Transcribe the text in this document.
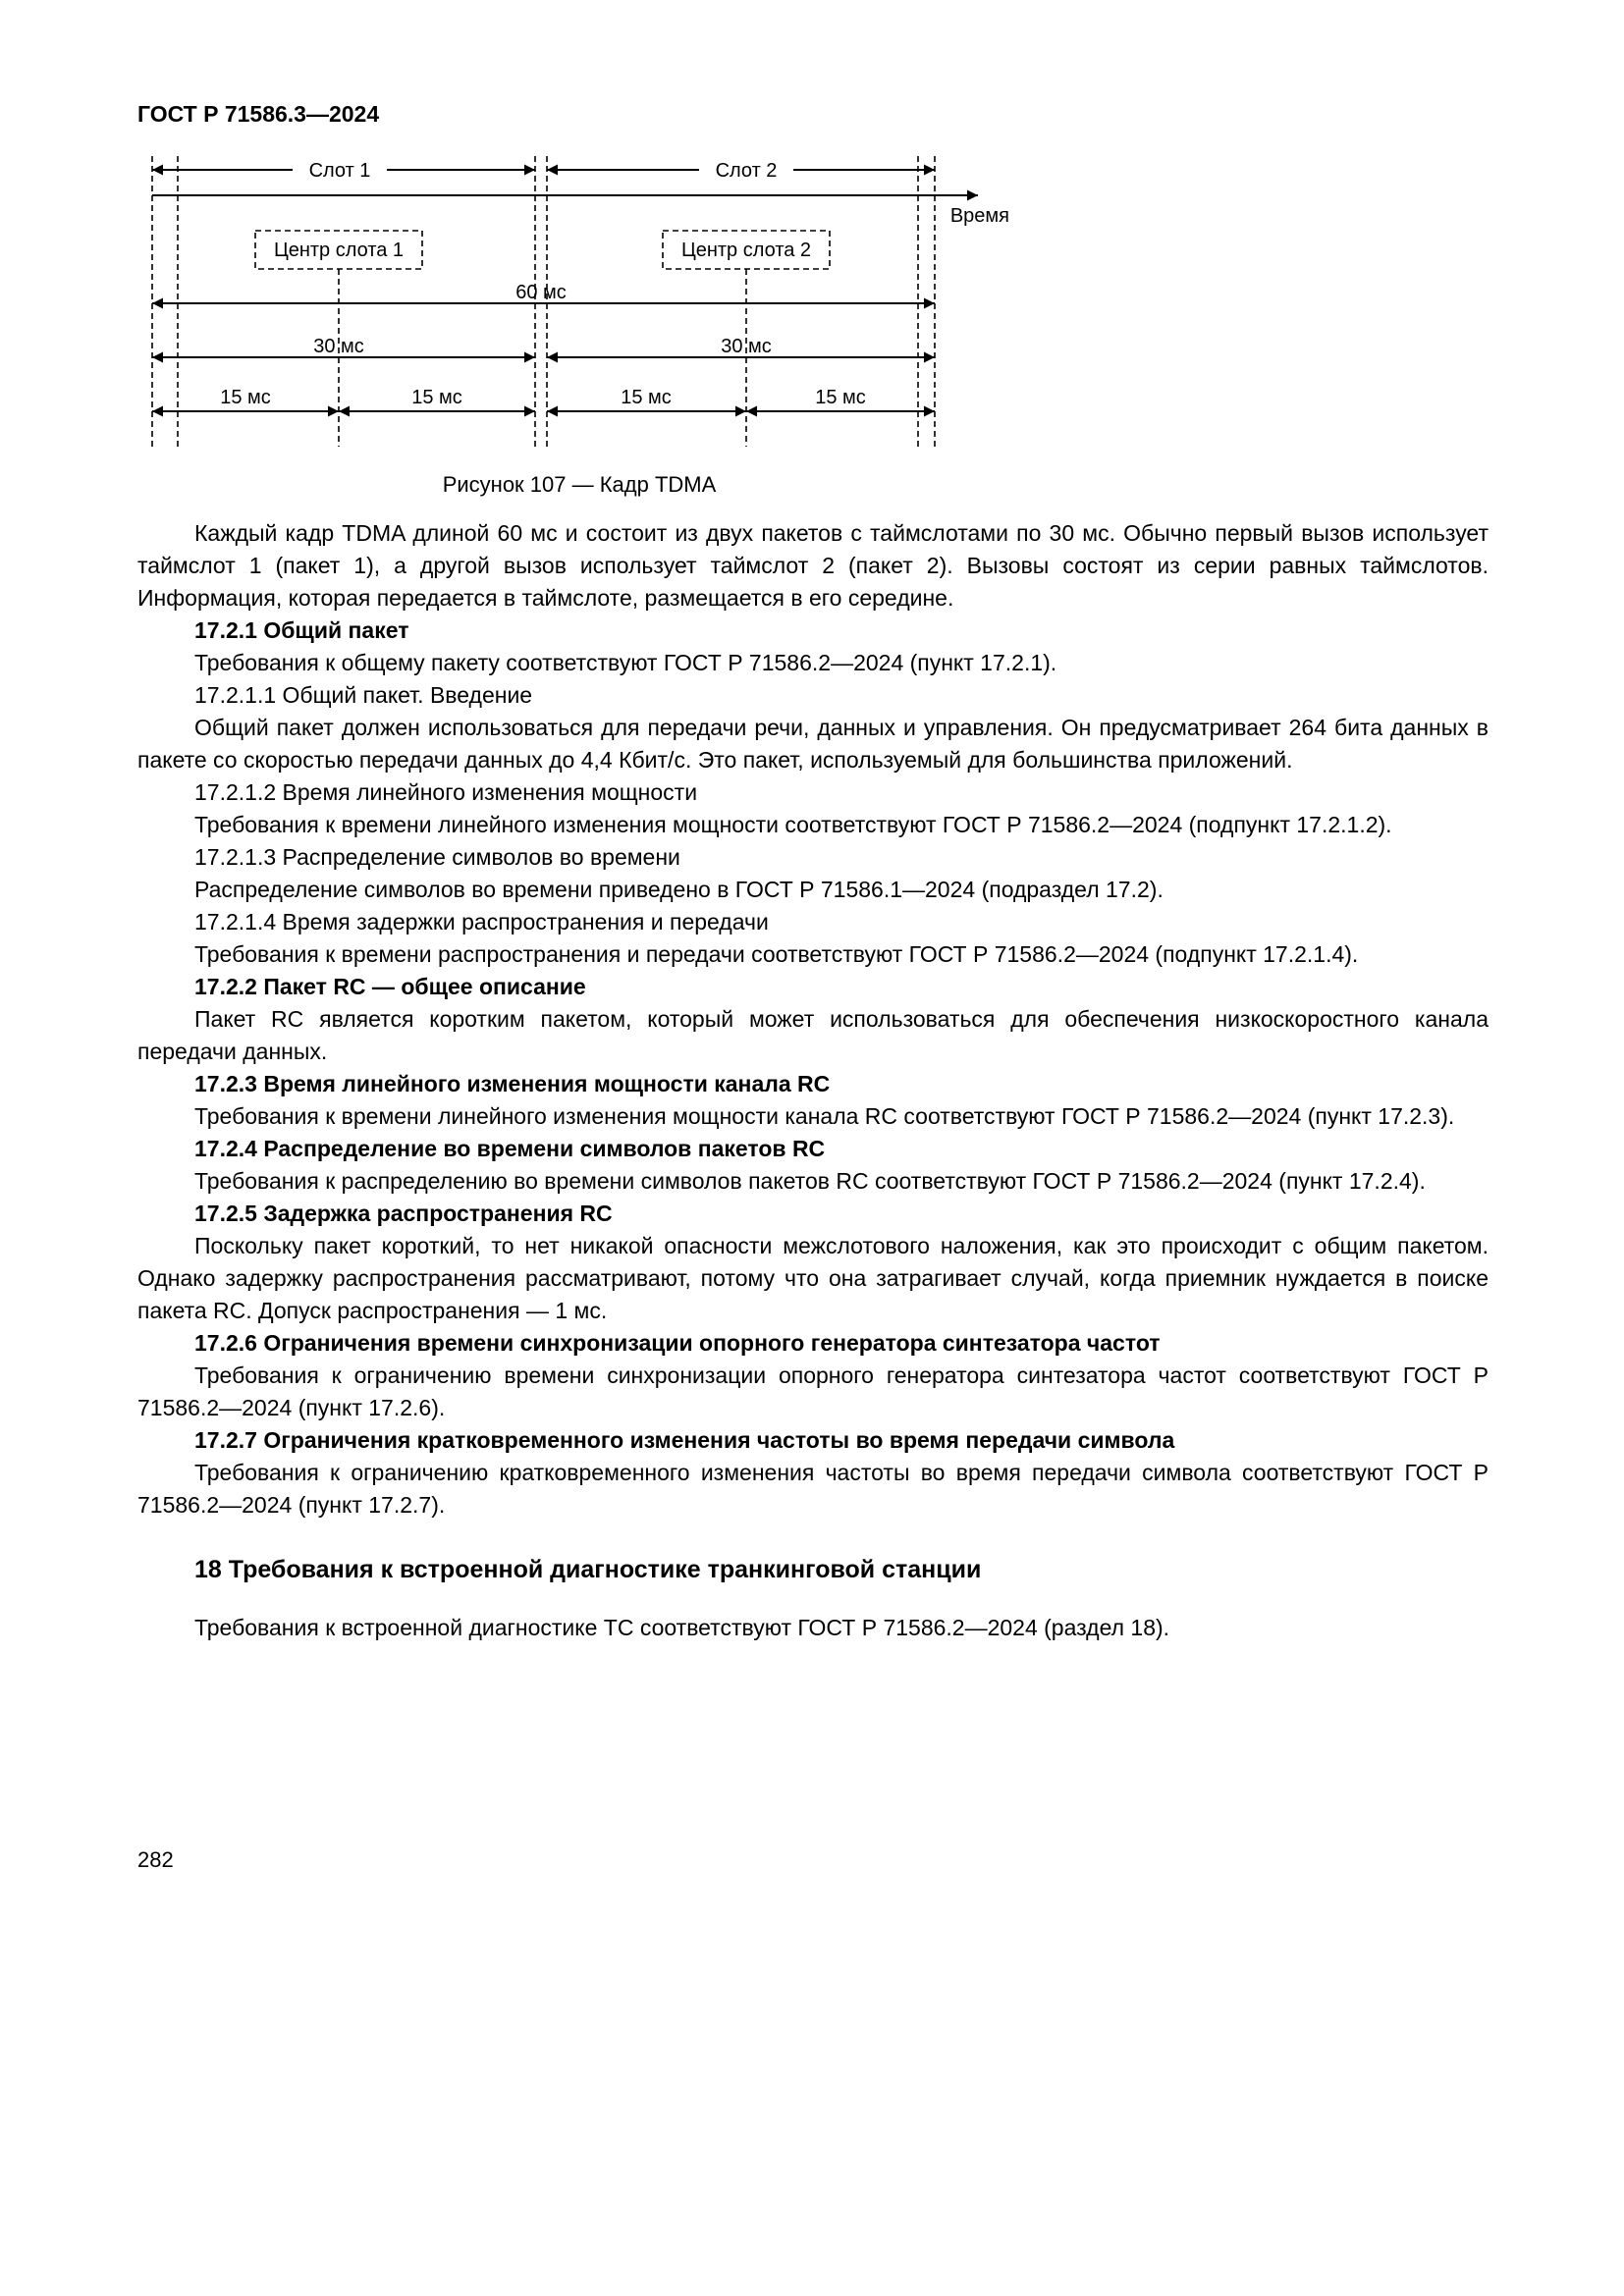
ГОСТ Р 71586.3—2024
Слот 1	Слот 2
Время
Центр слота 1	Центр слота 2
60 мс
30 мс	30 мс
15 мс	15 мс	15 мс	15 мс
Рисунок 107 — Кадр TDMA

Каждый кадр TDMA длиной 60 мс и состоит из двух пакетов с таймслотами по 30 мс. Обычно первый вызов использует таймслот 1 (пакет 1), а другой вызов использует таймслот 2 (пакет 2). Вызовы состоят из серии равных таймслотов. Информация, которая передается в таймслоте, размещается в его середине.

17.2.1 Общий пакет

Требования к общему пакету соответствуют ГОСТ Р 71586.2—2024 (пункт 17.2.1).

17.2.1.1 Общий пакет. Введение

Общий пакет должен использоваться для передачи речи, данных и управления. Он предусматривает 264 бита данных в пакете со скоростью передачи данных до 4,4 Кбит/с. Это пакет, используемый для большинства приложений.

17.2.1.2 Время линейного изменения мощности

Требования к времени линейного изменения мощности соответствуют ГОСТ Р 71586.2—2024 (подпункт 17.2.1.2).

17.2.1.3 Распределение символов во времени

Распределение символов во времени приведено в ГОСТ Р 71586.1—2024 (подраздел 17.2).

17.2.1.4 Время задержки распространения и передачи

Требования к времени распространения и передачи соответствуют ГОСТ Р 71586.2—2024 (подпункт 17.2.1.4).

17.2.2 Пакет RC — общее описание

Пакет RC является коротким пакетом, который может использоваться для обеспечения низкоскоростного канала передачи данных.

17.2.3 Время линейного изменения мощности канала RC

Требования к времени линейного изменения мощности канала RC соответствуют ГОСТ Р 71586.2—2024 (пункт 17.2.3).

17.2.4 Распределение во времени символов пакетов RC

Требования к распределению во времени символов пакетов RC соответствуют ГОСТ Р 71586.2—2024 (пункт 17.2.4).

17.2.5 Задержка распространения RC

Поскольку пакет короткий, то нет никакой опасности межслотового наложения, как это происходит с общим пакетом. Однако задержку распространения рассматривают, потому что она затрагивает случай, когда приемник нуждается в поиске пакета RC. Допуск распространения — 1 мс.

17.2.6 Ограничения времени синхронизации опорного генератора синтезатора частот

Требования к ограничению времени синхронизации опорного генератора синтезатора частот соответствуют ГОСТ Р 71586.2—2024 (пункт 17.2.6).

17.2.7 Ограничения кратковременного изменения частоты во время передачи символа

Требования к ограничению кратковременного изменения частоты во время передачи символа соответствуют ГОСТ Р 71586.2—2024 (пункт 17.2.7).

18 Требования к встроенной диагностике транкинговой станции

Требования к встроенной диагностике ТС соответствуют ГОСТ Р 71586.2—2024 (раздел 18).

282
